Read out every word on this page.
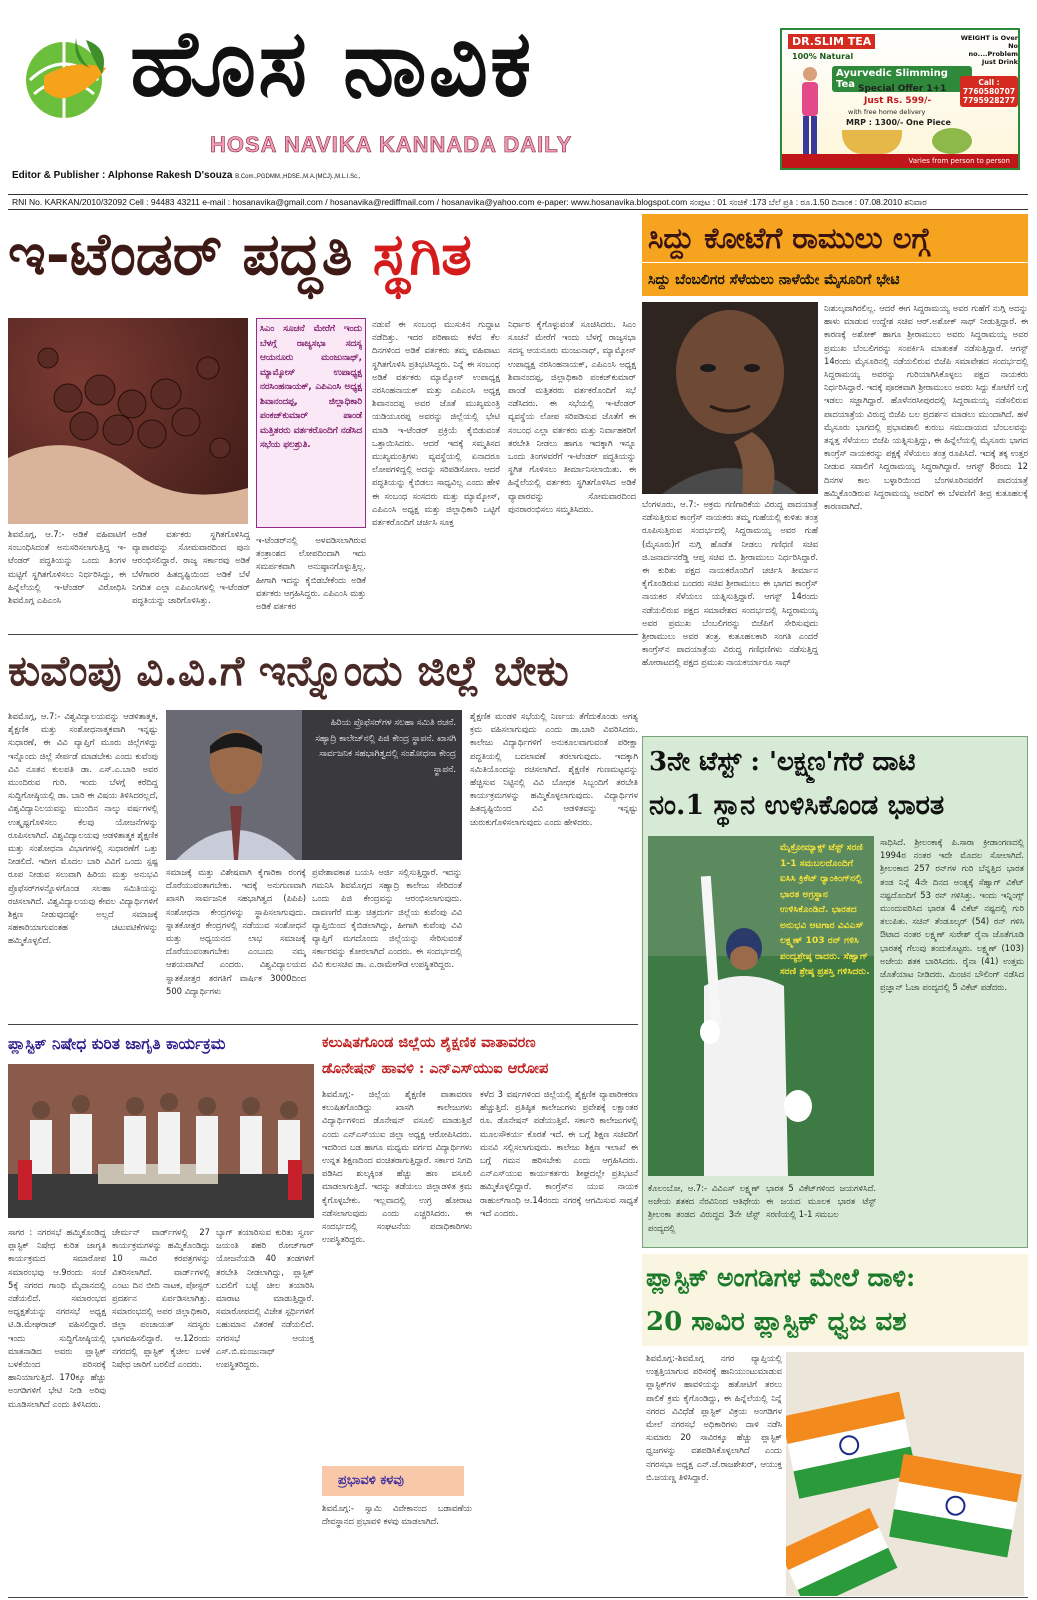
ಹೊಸ ನಾವಿಕ
HOSA NAVIKA KANNADA DAILY
Editor & Publisher : Alphonse Rakesh D'souza B.Com.,PGDMM.,HDSE.,M.A.(MCJ).,M.L.I.Sc.,
RNI No. KARKAN/2010/32092 Cell : 94483 43211 e-mail : hosanavika@gmail.com / hosanavika@rediffmail.com / hosanavika@yahoo.com e-paper: www.hosanavika.blogspot.com ಸಂಪುಟ : 01 ಸಂಚಿಕೆ :173 ಬೆಲೆ ಪ್ರತಿ : ರೂ.1.50 ದಿನಾಂಕ : 07.08.2010 ಶನಿವಾರ
DR.SLIM TEA
100% Natural
WEIGHT is Over No no....Problem Just Drink
Ayurvedic Slimming Tea Special Offer 1+1
Just Rs. 599/-
with free home delivery
MRP : 1300/- One Piece
Call :
7760580707
7795928277
Varies from person to person
ಇ-ಟೆಂಡರ್ ಪದ್ಧತಿ ಸ್ಥಗಿತ
ಸಿಎಂ ಸೂಚನೆ ಮೇರೆಗೆ ಇಂದು ಬೆಳಗ್ಗೆ ರಾಜ್ಯಸಭಾ ಸದಸ್ಯ ಆಯನೂರು ಮಂಜುನಾಥ್, ಮ್ಯಾಮ್ಕೋಸ್ ಉಪಾಧ್ಯಕ್ಷ ನರಸಿಂಹನಾಯಕ್, ಎಪಿಎಂಸಿ ಅಧ್ಯಕ್ಷ ಶಿವಾನಂದಪ್ಪ, ಜಿಲ್ಲಾಧಿಕಾರಿ ಪಂಕಜ್‌ಕುಮಾರ್ ಪಾಂಡೆ ಮತ್ತಿತರರು ವರ್ತಕರೊಂದಿಗೆ ನಡೆಸಿದ ಸಭೆಯ ಫಲಶ್ರುತಿ.
ನಡುವೆ ಈ ಸಂಬಂಧ ಮುಸುಕಿನ ಗುದ್ದಾಟ ನಡೆದಿತ್ತು. ಇದರ ಪರಿಣಾಮ ಕಳೆದ ಕೆಲ ದಿನಗಳಿಂದ ಅಡಿಕೆ ವರ್ತಕರು ತಮ್ಮ ವಹಿವಾಟು ಸ್ಥಗಿತಗೊಳಿಸಿ ಪ್ರತಿಭಟಿಸಿದ್ದರು. ನಿನ್ನೆ ಈ ಸಂಬಂಧ ಅಡಿಕೆ ವರ್ತಕರು ಮ್ಯಾಮ್ಕೋಸ್ ಉಪಾಧ್ಯಕ್ಷ ನರಸಿಂಹನಾಯಕ್ ಮತ್ತು ಎಪಿಎಂಸಿ ಅಧ್ಯಕ್ಷ ಶಿವಾನಂದಪ್ಪ ಅವರ ಜೊತೆ ಮುಖ್ಯಮಂತ್ರಿ ಯಡಿಯೂರಪ್ಪ ಅವರನ್ನು ಜಿಲ್ಲೆಯಲ್ಲಿ ಭೇಟಿ ಮಾಡಿ ಇ-ಟೆಂಡರ್ ಪ್ರಕ್ರಿಯೆ ಕೈಬಿಡುವಂತೆ ಒತ್ತಾಯಿಸಿದರು. ಆದರೆ ಇದಕ್ಕೆ ಸಮ್ಮತಿಸದ ಮುಖ್ಯಮಂತ್ರಿಗಳು ವ್ಯವಸ್ಥೆಯಲ್ಲಿ ಏನಾದರೂ ಲೋಪಗಳಿದ್ದಲ್ಲಿ ಅದನ್ನು ಸರಿಪಡಿಸೋಣ. ಆದರೆ ಪದ್ಧತಿಯನ್ನು ಕೈಬಿಡಲು ಸಾಧ್ಯವಿಲ್ಲ ಎಂದು ಹೇಳಿ ಈ ಸಂಬಂಧ ಸಂಸದರು ಮತ್ತು ಮ್ಯಾಮ್ಕೋಸ್, ಎಪಿಎಂಸಿ ಅಧ್ಯಕ್ಷ ಮತ್ತು ಜಿಲ್ಲಾಧಿಕಾರಿ ಒಟ್ಟಿಗೆ ವರ್ತಕರೊಂದಿಗೆ ಚರ್ಚಿಸಿ ಸೂಕ್ತ
ನಿರ್ಧಾರ ಕೈಗೊಳ್ಳುವಂತೆ ಸೂಚಿಸಿದರು. ಸಿಎಂ ಸೂಚನೆ ಮೇರೆಗೆ ಇಂದು ಬೆಳಗ್ಗೆ ರಾಜ್ಯಸಭಾ ಸದಸ್ಯ ಆಯನೂರು ಮಂಜುನಾಥ್, ಮ್ಯಾಮ್ಕೋಸ್ ಉಪಾಧ್ಯಕ್ಷ ನರಸಿಂಹನಾಯಕ್, ಎಪಿಎಂಸಿ ಅಧ್ಯಕ್ಷ ಶಿವಾನಂದಪ್ಪ, ಜಿಲ್ಲಾಧಿಕಾರಿ ಪಂಕಜ್‌ಕುಮಾರ್ ಪಾಂಡೆ ಮತ್ತಿತರರು ವರ್ತಕರೊಂದಿಗೆ ಸಭೆ ನಡೆಸಿದರು. ಈ ಸಭೆಯಲ್ಲಿ ಇ-ಟೆಂಡರ್ ವ್ಯವಸ್ಥೆಯ ಲೋಪ ಸರಿಪಡಿಸುವ ಜೊತೆಗೆ ಈ ಸಂಬಂಧ ಎಲ್ಲಾ ವರ್ತಕರು ಮತ್ತು ನಿರ್ವಾಹಕರಿಗೆ ತರಬೇತಿ ನೀಡಲು ಹಾಗೂ ಇದಕ್ಕಾಗಿ ಇನ್ನೂ ಒಂದು ತಿಂಗಳವರೆಗೆ ಇ-ಟೆಂಡರ್ ಪದ್ಧತಿಯನ್ನು ಸ್ಥಗಿತ ಗೊಳಿಸಲು ತೀರ್ಮಾನಿಸಲಾಯಿತು. ಈ ಹಿನ್ನೆಲೆಯಲ್ಲಿ ವರ್ತಕರು ಸ್ಥಗಿತಗೊಳಿಸಿದ ಅಡಿಕೆ ವ್ಯಾಪಾರವನ್ನು ಸೋಮವಾರದಿಂದ ಪುನರಾರಂಭಿಸಲು ಸಮ್ಮತಿಸಿದರು.
ಶಿವಮೊಗ್ಗ, ಆ.7:- ಅಡಿಕೆ ವಹಿವಾಟಿಗೆ ಸಂಬಂಧಿಸಿದಂತೆ ಅನುಸರಿಸಲಾಗುತ್ತಿದ್ದ ಇ-ಟೆಂಡರ್ ಪದ್ಧತಿಯನ್ನು ಒಂದು ತಿಂಗಳ ಮಟ್ಟಿಗೆ ಸ್ಥಗಿತಗೊಳಿಸಲು ನಿರ್ಧರಿಸಿದ್ದು, ಈ ಹಿನ್ನೆಲೆಯಲ್ಲಿ ಇ-ಟೆಂಡರ್ ವಿರೋಧಿಸಿ ಶಿವಮೊಗ್ಗ ಎಪಿಎಂಸಿ
ಅಡಿಕೆ ವರ್ತಕರು ಸ್ಥಗಿತಗೊಳಿಸಿದ್ದ ವ್ಯಾಪಾರವನ್ನು ಸೋಮವಾರದಿಂದ ಪುನಃ ಆರಂಭಿಸಲಿದ್ದಾರೆ. ರಾಜ್ಯ ಸರ್ಕಾರವು ಅಡಿಕೆ ಬೆಳೆಗಾರರ ಹಿತದೃಷ್ಟಿಯಿಂದ ಅಡಿಕೆ ಬೆಳೆ ನಿಗದಿತ ಎಲ್ಲಾ ಎಪಿಎಂಸಿಗಳಲ್ಲಿ ಇ-ಟೆಂಡರ್ ಪದ್ಧತಿಯನ್ನು ಜಾರಿಗೊಳಿಸಿತ್ತು.
ಇ-ಟೆಂಡರ್‌ನಲ್ಲಿ ಅಳವಡಿಸಲಾಗಿರುವ ತಂತ್ರಾಂಶದ ಲೋಪದಿಂದಾಗಿ ಇದು ಸಮರ್ಪಕವಾಗಿ ಅನುಷ್ಠಾನಗೊಳ್ಳುತ್ತಿಲ್ಲ. ಹೀಗಾಗಿ ಇದನ್ನು ಕೈಬಿಡಬೇಕೆಂದು ಅಡಿಕೆ ವರ್ತಕರು ಆಗ್ರಹಿಸಿದ್ದರು. ಎಪಿಎಂಸಿ ಮತ್ತು ಅಡಿಕೆ ವರ್ತಕರ
ಸಿದ್ದು ಕೋಟೆಗೆ ರಾಮುಲು ಲಗ್ಗೆ
ಸಿದ್ದು ಬೆಂಬಲಿಗರ ಸೆಳೆಯಲು ನಾಳೆಯೇ ಮೈಸೂರಿಗೆ ಭೇಟಿ
ನಿಃಶುಲ್ಕವಾಗಿರಲಿಲ್ಲ. ಆದರೆ ಈಗ ಸಿದ್ದರಾಮಯ್ಯ ಅವರ ಗುಹೆಗೆ ನುಗ್ಗಿ ಅದನ್ನು ಹಾಳು ಮಾಡುವ ಉದ್ದೇಶ ಸಚಿವ ಆರ್.ಅಶೋಕ್ ಸಾಥ್ ನೀಡುತ್ತಿದ್ದಾರೆ. ಈ ಕಾರಣಕ್ಕೆ ಅಶೋಕ್ ಹಾಗೂ ಶ್ರೀರಾಮುಲು ಅವರು ಸಿದ್ದರಾಮಯ್ಯ ಅವರ ಪ್ರಮುಖ ಬೆಂಬಲಿಗರನ್ನು ಸಂಪರ್ಕಿಸಿ ಮಾತುಕತೆ ನಡೆಸುತ್ತಿದ್ದಾರೆ. ಆಗಸ್ಟ್ 14ರಂದು ಮೈಸೂರಿನಲ್ಲಿ ನಡೆಯಲಿರುವ ಬಿಜೆಪಿ ಸಮಾವೇಶದ ಸಂದರ್ಭದಲ್ಲಿ ಸಿದ್ದರಾಮಯ್ಯ ಅವರನ್ನು ಗುರಿಯಾಗಿಸಿಕೊಳ್ಳಲು ಪಕ್ಷದ ನಾಯಕರು ನಿರ್ಧರಿಸಿದ್ದಾರೆ. ಇದಕ್ಕೆ ಪೂರಕವಾಗಿ ಶ್ರೀರಾಮುಲು ಅವರು ಸಿದ್ದು ಕೋಟೆಗೆ ಲಗ್ಗೆ ಇಡಲು ಸಜ್ಜಾಗಿದ್ದಾರೆ. ಹೊಳೆನರಸೀಪುರದಲ್ಲಿ ಸಿದ್ದರಾಮಯ್ಯ ನಡೆಸಲಿರುವ ಪಾದಯಾತ್ರೆಯ ವಿರುದ್ಧ ಬಿಜೆಪಿ ಬಲ ಪ್ರದರ್ಶನ ಮಾಡಲು ಮುಂದಾಗಿದೆ. ಹಳೆ ಮೈಸೂರು ಭಾಗದಲ್ಲಿ ಪ್ರಭಾವಶಾಲಿ ಕುರುಬ ಸಮುದಾಯದ ಬೆಂಬಲವನ್ನು ತನ್ನತ್ತ ಸೆಳೆಯಲು ಬಿಜೆಪಿ ಯತ್ನಿಸುತ್ತಿದ್ದು, ಈ ಹಿನ್ನೆಲೆಯಲ್ಲಿ ಮೈಸೂರು ಭಾಗದ ಕಾಂಗ್ರೆಸ್ ನಾಯಕರನ್ನು ಪಕ್ಷಕ್ಕೆ ಸೆಳೆಯಲು ತಂತ್ರ ರೂಪಿಸಿದೆ. ಇದಕ್ಕೆ ತಕ್ಕ ಉತ್ತರ ನೀಡುವ ಸವಾಲಿಗೆ ಸಿದ್ದರಾಮಯ್ಯ ಸಿದ್ಧರಾಗಿದ್ದಾರೆ. ಆಗಸ್ಟ್ 8ರಂದು 12 ದಿನಗಳ ಕಾಲ ಬಳ್ಳಾರಿಯಿಂದ ಬೆಂಗಳೂರಿನವರೆಗೆ ಪಾದಯಾತ್ರೆ ಹಮ್ಮಿಕೊಂಡಿರುವ ಸಿದ್ದರಾಮಯ್ಯ ಅವರಿಗೆ ಈ ಬೆಳವಣಿಗೆ ತೀವ್ರ ಕುತೂಹಲಕ್ಕೆ ಕಾರಣವಾಗಿದೆ.
ಬೆಂಗಳೂರು, ಆ.7:- ಅಕ್ರಮ ಗಣಿಗಾರಿಕೆಯ ವಿರುದ್ಧ ಪಾದಯಾತ್ರೆ ನಡೆಸುತ್ತಿರುವ ಕಾಂಗ್ರೆಸ್ ನಾಯಕರು ತಮ್ಮ ಗುಹೆಯಲ್ಲಿ ಕುಳಿತು ತಂತ್ರ ರೂಪಿಸುತ್ತಿರುವ ಸಂದರ್ಭದಲ್ಲಿ ಸಿದ್ದರಾಮಯ್ಯ ಅವರ ಗುಹೆ (ಮೈಸೂರು)ಗೆ ನುಗ್ಗಿ ಹೊಡೆತ ನೀಡಲು ಗಣಿಧಣಿ ಸಚಿವ ಜಿ.ಜನಾರ್ದನರೆಡ್ಡಿ ಆಪ್ತ ಸಚಿವ ಬಿ. ಶ್ರೀರಾಮುಲು ನಿರ್ಧರಿಸಿದ್ದಾರೆ. ಈ ಕುರಿತು ಪಕ್ಷದ ನಾಯಕರೊಂದಿಗೆ ಚರ್ಚಿಸಿ ತೀರ್ಮಾನ ಕೈಗೊಂಡಿರುವ ಬಂದರು ಸಚಿವ ಶ್ರೀರಾಮುಲು ಈ ಭಾಗದ ಕಾಂಗ್ರೆಸ್ ನಾಯಕರ ಸೆಳೆಯಲು ಯತ್ನಿಸುತ್ತಿದ್ದಾರೆ. ಆಗಸ್ಟ್ 14ರಂದು ನಡೆಯಲಿರುವ ಪಕ್ಷದ ಸಮಾವೇಶದ ಸಂದರ್ಭದಲ್ಲಿ ಸಿದ್ದರಾಮಯ್ಯ ಅವರ ಪ್ರಮುಖ ಬೆಂಬಲಿಗರನ್ನು ಬಿಜೆಪಿಗೆ ಸೇರಿಸುವುದು ಶ್ರೀರಾಮುಲು ಅವರ ತಂತ್ರ. ಕುತೂಹಲಕಾರಿ ಸಂಗತಿ ಎಂದರೆ ಕಾಂಗ್ರೆಸ್‌ನ ಪಾದಯಾತ್ರೆಯ ವಿರುದ್ಧ ಗಣಿಧಣಿಗಳು ನಡೆಸುತ್ತಿದ್ದ ಹೋರಾಟದಲ್ಲಿ ಪಕ್ಷದ ಪ್ರಮುಖ ನಾಯಕರ್ಯಾರೂ ಸಾಥ್
ಕುವೆಂಪು ವಿ.ವಿ.ಗೆ ಇನ್ನೊಂದು ಜಿಲ್ಲೆ ಬೇಕು
ಶಿವಮೊಗ್ಗ, ಆ.7:- ವಿಶ್ವವಿದ್ಯಾಲಯವನ್ನು ಆಡಳಿತಾತ್ಮಕ, ಶೈಕ್ಷಣಿಕ ಮತ್ತು ಸಂಶೋಧನಾತ್ಮಕವಾಗಿ ಇನ್ನಷ್ಟು ಸುಧಾರಣೆ, ಈ ವಿವಿ ವ್ಯಾಪ್ತಿಗೆ ಮೂರು ಜಿಲ್ಲೆಗಳಿದ್ದು ಇನ್ನೊಂದು ಜಿಲ್ಲೆ ಸೇರ್ಪಡೆ ಮಾಡಬೇಕು ಎಂದು ಕುವೆಂಪು ವಿವಿ ನೂತನ ಕುಲಪತಿ ಡಾ. ಎಸ್.ಎ.ಬಾರಿ ಅವರ ಮುಂದಿರುವ ಗುರಿ. ಇಂದು ಬೆಳಗ್ಗೆ ಕರೆದಿದ್ದ ಸುದ್ದಿಗೋಷ್ಠಿಯಲ್ಲಿ ಡಾ. ಬಾರಿ ಈ ವಿಷಯ ತಿಳಿಸಿದರಲ್ಲದೆ, ವಿಶ್ವವಿದ್ಯಾನಿಲಯವನ್ನು ಮುಂದಿನ ನಾಲ್ಕು ವರ್ಷಗಳಲ್ಲಿ ಉತ್ಕೃಷ್ಟಗೊಳಿಸಲು ಕೆಲವು ಯೋಜನೆಗಳನ್ನು ರೂಪಿಸಲಾಗಿದೆ. ವಿಶ್ವವಿದ್ಯಾಲಯವು ಆಡಳಿತಾತ್ಮಕ ಶೈಕ್ಷಣಿಕ ಮತ್ತು ಸಂಶೋಧನಾ ವಿಭಾಗಗಳಲ್ಲಿ ಸುಧಾರಣೆಗೆ ಒತ್ತು ನೀಡಲಿದೆ. ಇದೀಗ ಮೊದಲ ಬಾರಿ ವಿವಿಗೆ ಒಂದು ಸ್ಪಷ್ಟ ರೂಪ ನೀಡುವ ಸಲುವಾಗಿ ಹಿರಿಯ ಮತ್ತು ಅನುಭವಿ ಪ್ರೊಫೆಸರ್‌ಗಳನ್ನೊಳಗೊಂಡ ಸಲಹಾ ಸಮಿತಿಯನ್ನು ರಚಿಸಲಾಗಿದೆ. ವಿಶ್ವವಿದ್ಯಾಲಯವು ಕೇವಲ ವಿದ್ಯಾರ್ಥಿಗಳಿಗೆ ಶಿಕ್ಷಣ ನೀಡುವುದಷ್ಟೇ ಅಲ್ಲದೆ ಸಮಾಜಕ್ಕೆ ಸಹಕಾರಿಯಾಗುವಂತಹ ಚಟುವಟಿಕೆಗಳನ್ನು ಹಮ್ಮಿಕೊಳ್ಳಲಿದೆ.
ಹಿರಿಯ ಪ್ರೊಫೆಸರ್‌ಗಳ ಸಲಹಾ ಸಮಿತಿ ರಚನೆ. ಸಹ್ಯಾದ್ರಿ ಕಾಲೇಜ್‌ನಲ್ಲಿ ಪಿಜಿ ಕೇಂದ್ರ ಸ್ಥಾಪನೆ. ಖಾಸಗಿ ಸಾರ್ವಜನಿಕ ಸಹಭಾಗಿತ್ವದಲ್ಲಿ ಸಂಶೋಧನಾ ಕೇಂದ್ರ ಸ್ಥಾಪನೆ.
ಸಮಾಜಕ್ಕೆ ಮತ್ತು ವಿಶೇಷವಾಗಿ ಕೈಗಾರಿಕಾ ರಂಗಕ್ಕೆ ದೊರೆಯುವಂತಾಗಬೇಕು. ಇದಕ್ಕೆ ಅನುಗುಣವಾಗಿ ಖಾಸಗಿ ಸಾರ್ವಜನಿಕ ಸಹಭಾಗಿತ್ವದ (ಪಿಪಿಪಿ) ಸಂಶೋಧನಾ ಕೇಂದ್ರಗಳನ್ನು ಸ್ಥಾಪಿಸಲಾಗುವುದು. ಸ್ನಾತಕೋತ್ತರ ಕೇಂದ್ರಗಳಲ್ಲಿ ನಡೆಯುವ ಸಂಶೋಧನೆ ಮತ್ತು ಅಧ್ಯಯನದ ಲಾಭ ಸಮಾಜಕ್ಕೆ ದೊರೆಯುವಂತಾಗಬೇಕು ಎಂಬುದು ನಮ್ಮ ಆಶಯವಾಗಿದೆ ಎಂದರು. ವಿಶ್ವವಿದ್ಯಾಲಯದ ಸ್ನಾತಕೋತ್ತರ ತರಗತಿಗೆ ವಾರ್ಷಿಕ 3000ದಿಂದ 500 ವಿದ್ಯಾರ್ಥಿಗಳು
ಪ್ರವೇಶಾವಕಾಶ ಬಯಸಿ ಅರ್ಜಿ ಸಲ್ಲಿಸುತ್ತಿದ್ದಾರೆ. ಇದನ್ನು ಗಮನಿಸಿ ಶಿವಮೊಗ್ಗದ ಸಹ್ಯಾದ್ರಿ ಕಾಲೇಜು ಸೇರಿದಂತೆ ಒಂದು ಪಿಜಿ ಕೇಂದ್ರವನ್ನು ಆರಂಭಿಸಲಾಗುವುದು. ದಾವಣಗೆರೆ ಮತ್ತು ಚಿತ್ರದುರ್ಗ ಜಿಲ್ಲೆಯ ಕುವೆಂಪು ವಿವಿ ವ್ಯಾಪ್ತಿಯಿಂದ ಕೈಬಿಡಲಾಗಿದ್ದು, ಹೀಗಾಗಿ ಕುವೆಂಪು ವಿವಿ ವ್ಯಾಪ್ತಿಗೆ ಮಗದೊಂದು ಜಿಲ್ಲೆಯನ್ನು ಸೇರಿಸುವಂತೆ ಸರ್ಕಾರವನ್ನು ಕೋರಲಾಗಿದೆ ಎಂದರು. ಈ ಸಂದರ್ಭದಲ್ಲಿ ವಿವಿ ಕುಲಸಚಿವ ಡಾ. ಎ.ರಾಮೇಗೌಡ ಉಪಸ್ಥಿತರಿದ್ದರು.
ಶೈಕ್ಷಣಿಕ ಮಂಡಳಿ ಸಭೆಯಲ್ಲಿ ನಿರ್ಣಯ ತೆಗೆದುಕೊಂಡು ಅಗತ್ಯ ಕ್ರಮ ವಹಿಸಲಾಗುವುದು ಎಂದು ಡಾ.ಬಾರಿ ವಿವರಿಸಿದರು. ಕಾಲೇಜು ವಿದ್ಯಾರ್ಥಿಗಳಿಗೆ ಅನುಕೂಲವಾಗುವಂತೆ ಪರೀಕ್ಷಾ ಪದ್ಧತಿಯಲ್ಲಿ ಬದಲಾವಣೆ ತರಲಾಗುವುದು. ಇದಕ್ಕಾಗಿ ಸಮಿತಿಯೊಂದನ್ನು ರಚಿಸಲಾಗಿದೆ. ಶೈಕ್ಷಣಿಕ ಗುಣಮಟ್ಟವನ್ನು ಹೆಚ್ಚಿಸುವ ನಿಟ್ಟಿನಲ್ಲಿ ವಿವಿ ಬೋಧಕ ಸಿಬ್ಬಂದಿಗೆ ತರಬೇತಿ ಕಾರ್ಯಕ್ರಮಗಳನ್ನು ಹಮ್ಮಿಕೊಳ್ಳಲಾಗುವುದು. ವಿದ್ಯಾರ್ಥಿಗಳ ಹಿತದೃಷ್ಟಿಯಿಂದ ವಿವಿ ಆಡಳಿತವನ್ನು ಇನ್ನಷ್ಟು ಚುರುಕುಗೊಳಿಸಲಾಗುವುದು ಎಂದು ಹೇಳಿದರು.
3ನೇ ಟೆಸ್ಟ್ : 'ಲಕ್ಷ್ಮಣ'ಗೆರೆ ದಾಟಿ
ನಂ.1 ಸ್ಥಾನ ಉಳಿಸಿಕೊಂಡ ಭಾರತ
ಮೈಕ್ರೋಮ್ಯಾಕ್ಸ್ ಟೆಸ್ಟ್ ಸರಣಿ 1-1 ಸಮಬಲದೊಂದಿಗೆ ಐಸಿಸಿ ಕ್ರಿಕೆಟ್ ರ್‍ಯಾಂಕಿಂಗ್‌ನಲ್ಲಿ ಭಾರತ ಅಗ್ರಸ್ಥಾನ ಉಳಿಸಿಕೊಂಡಿದೆ. ಭಾರತದ ಅನುಭವಿ ಆಟಗಾರ ವಿವಿಎಸ್ ಲಕ್ಷ್ಮಣ್ 103 ರನ್ ಗಳಿಸಿ ಪಂದ್ಯಶ್ರೇಷ್ಠ ರಾದರು. ಸೆಹ್ವಾಗ್ ಸರಣಿ ಶ್ರೇಷ್ಠ ಪ್ರಶಸ್ತಿ ಗಳಿಸಿದರು.
ಸಾಧಿಸಿದೆ. ಶ್ರೀಲಂಕಾಕ್ಕೆ ಪಿ.ಸಾರಾ ಕ್ರೀಡಾಂಗಣದಲ್ಲಿ 1994ರ ನಂತರ ಇದೇ ಮೊದಲ ಸೋಲಾಗಿದೆ. ಶ್ರೀಲಂಕಾದ 257 ರನ್‌ಗಳ ಗುರಿ ಬೆನ್ನತ್ತಿದ ಭಾರತ ತಂಡ ನಿನ್ನೆ 4ನೇ ದಿನದ ಅಂತ್ಯಕ್ಕೆ ಸೆಹ್ವಾಗ್ ವಿಕೆಟ್ ನಷ್ಟದೊಂದಿಗೆ 53 ರನ್ ಗಳಿಸಿತ್ತು. ಇಂದು ಇನ್ನಿಂಗ್ಸ್ ಮುಂದುವರಿಸಿದ ಭಾರತ 4 ವಿಕೆಟ್ ನಷ್ಟದಲ್ಲಿ ಗುರಿ ತಲುಪಿತು. ಸಚಿನ್ ತೆಂಡೂಲ್ಕರ್ (54) ರನ್ ಗಳಿಸಿ ಔಟಾದ ನಂತರ ಲಕ್ಷ್ಮಣ್ ಸುರೇಶ್ ರೈನಾ ಜೊತೆಗೂಡಿ ಭಾರತಕ್ಕೆ ಗೆಲುವು ತಂದುಕೊಟ್ಟರು. ಲಕ್ಷ್ಮಣ್ (103) ಅಜೇಯ ಶತಕ ಬಾರಿಸಿದರು. ರೈನಾ (41) ಉತ್ತಮ ಜೊತೆಯಾಟ ನೀಡಿದರು. ಮಿಂಚಿನ ಬೌಲಿಂಗ್ ನಡೆಸಿದ ಪ್ರಜ್ಞಾನ್ ಓಜಾ ಪಂದ್ಯದಲ್ಲಿ 5 ವಿಕೆಟ್ ಪಡೆದರು.
ಕೊಲಂಬೋ, ಆ.7:- ವಿವಿಎಸ್ ಲಕ್ಷ್ಮಣ್ ಅಜೇಯ ಶತಕದ ನೆರವಿನಿಂದ ಆತಿಥೇಯ ಶ್ರೀಲಂಕಾ ತಂಡದ ವಿರುದ್ಧದ 3ನೇ ಟೆಸ್ಟ್ ಪಂದ್ಯದಲ್ಲಿ
ಭಾರತ 5 ವಿಕೆಟ್‌ಗಳಿಂದ ಜಯಗಳಿಸಿದೆ. ಈ ಜಯದ ಮೂಲಕ ಭಾರತ ಟೆಸ್ಟ್ ಸರಣಿಯಲ್ಲಿ 1-1 ಸಮಬಲ
ಪ್ಲಾಸ್ಟಿಕ್ ನಿಷೇಧ ಕುರಿತ ಜಾಗೃತಿ ಕಾರ್ಯಕ್ರಮ
ಸಾಗರ : ನಗರಸಭೆ ಹಮ್ಮಿಕೊಂಡಿದ್ದ ಪ್ಲಾಸ್ಟಿಕ್ ನಿಷೇಧ ಕುರಿತ ಜಾಗೃತಿ ಕಾರ್ಯಕ್ರಮದ ಸಮಾರೋಪ ಸಮಾರಂಭವು ಆ.9ರಂದು ಸಂಜೆ 5ಕ್ಕೆ ನಗರದ ಗಾಂಧಿ ಮೈದಾನದಲ್ಲಿ ನಡೆಯಲಿದೆ. ಸಮಾರಂಭದ ಅಧ್ಯಕ್ಷತೆಯನ್ನು ನಗರಸಭೆ ಅಧ್ಯಕ್ಷ ಟಿ.ಡಿ.ಮೇಘರಾಜ್ ವಹಿಸಲಿದ್ದಾರೆ. ಇಂದು ಸುದ್ದಿಗೋಷ್ಠಿಯಲ್ಲಿ ಮಾತನಾಡಿದ ಅವರು ಪ್ಲಾಸ್ಟಿಕ್ ಬಳಕೆಯಿಂದ ಪರಿಸರಕ್ಕೆ ಹಾನಿಯಾಗುತ್ತಿದೆ. 170ಕ್ಕೂ ಹೆಚ್ಚು ಅಂಗಡಿಗಳಿಗೆ ಭೇಟಿ ನೀಡಿ ಅರಿವು ಮೂಡಿಸಲಾಗಿದೆ ಎಂದು ತಿಳಿಸಿದರು.
ಚೇರ್ಮನ್ ವಾರ್ಡ್‌ಗಳಲ್ಲಿ 27 ಕಾರ್ಯಕ್ರಮಗಳನ್ನು ಹಮ್ಮಿಕೊಂಡಿದ್ದು 10 ಸಾವಿರ ಕರಪತ್ರಗಳನ್ನು ವಿತರಿಸಲಾಗಿದೆ. ವಾರ್ಡ್‌ಗಳಲ್ಲಿ ಎಂಟು ದಿನ ಬೀದಿ ನಾಟಕ, ಪೋಸ್ಟರ್ ಪ್ರದರ್ಶನ ಏರ್ಪಡಿಸಲಾಗಿತ್ತು. ಸಮಾರಂಭದಲ್ಲಿ ಅಪರ ಜಿಲ್ಲಾಧಿಕಾರಿ, ಜಿಲ್ಲಾ ಪಂಚಾಯತ್ ಸದಸ್ಯರು ಭಾಗವಹಿಸಲಿದ್ದಾರೆ. ಆ.12ರಂದು ನಗರದಲ್ಲಿ ಪ್ಲಾಸ್ಟಿಕ್ ಕೈಚೀಲ ಬಳಕೆ ನಿಷೇಧ ಜಾರಿಗೆ ಬರಲಿದೆ ಎಂದರು.
ಬ್ಯಾಗ್ ತಯಾರಿಸುವ ಕುರಿತು ಸ್ವರ್ಣ ಜಯಂತಿ ಶಹರಿ ರೋಜ್‌ಗಾರ್ ಯೋಜನೆಯಡಿ 40 ತಂಡಗಳಿಗೆ ತರಬೇತಿ ನೀಡಲಾಗಿದ್ದು, ಪ್ಲಾಸ್ಟಿಕ್ ಬದಲಿಗೆ ಬಟ್ಟೆ ಚೀಲ ತಯಾರಿಸಿ ಮಾರಾಟ ಮಾಡುತ್ತಿದ್ದಾರೆ. ಸಮಾರೋಪದಲ್ಲಿ ವಿಜೇತ ಸ್ಪರ್ಧಿಗಳಿಗೆ ಬಹುಮಾನ ವಿತರಣೆ ನಡೆಯಲಿದೆ. ನಗರಸಭೆ ಆಯುಕ್ತ ಎಸ್.ಬಿ.ಮಂಜುನಾಥ್ ಉಪಸ್ಥಿತರಿದ್ದರು.
ಕಲುಷಿತಗೊಂಡ ಜಿಲ್ಲೆಯ ಶೈಕ್ಷಣಿಕ ವಾತಾವರಣ
ಡೊನೇಷನ್ ಹಾವಳಿ : ಎನ್‌ಎಸ್‌ಯುಐ ಆರೋಪ
ಶಿವಮೊಗ್ಗ:- ಜಿಲ್ಲೆಯ ಶೈಕ್ಷಣಿಕ ವಾತಾವರಣ ಕಲುಷಿತಗೊಂಡಿದ್ದು ಖಾಸಗಿ ಕಾಲೇಜುಗಳು ವಿದ್ಯಾರ್ಥಿಗಳಿಂದ ಡೊನೇಷನ್ ವಸೂಲಿ ಮಾಡುತ್ತಿವೆ ಎಂದು ಎನ್‌ಎಸ್‌ಯುಐ ಜಿಲ್ಲಾ ಅಧ್ಯಕ್ಷ ಆರೋಪಿಸಿದರು. ಇದರಿಂದ ಬಡ ಹಾಗೂ ಮಧ್ಯಮ ವರ್ಗದ ವಿದ್ಯಾರ್ಥಿಗಳು ಉನ್ನತ ಶಿಕ್ಷಣದಿಂದ ವಂಚಿತರಾಗುತ್ತಿದ್ದಾರೆ. ಸರ್ಕಾರ ನಿಗದಿ ಪಡಿಸಿದ ಶುಲ್ಕಕ್ಕಿಂತ ಹೆಚ್ಚು ಹಣ ವಸೂಲಿ ಮಾಡಲಾಗುತ್ತಿದೆ. ಇದನ್ನು ತಡೆಯಲು ಜಿಲ್ಲಾಡಳಿತ ಕ್ರಮ ಕೈಗೊಳ್ಳಬೇಕು. ಇಲ್ಲವಾದಲ್ಲಿ ಉಗ್ರ ಹೋರಾಟ ನಡೆಸಲಾಗುವುದು ಎಂದು ಎಚ್ಚರಿಸಿದರು. ಈ ಸಂದರ್ಭದಲ್ಲಿ ಸಂಘಟನೆಯ ಪದಾಧಿಕಾರಿಗಳು ಉಪಸ್ಥಿತರಿದ್ದರು.
ಕಳೆದ 3 ವರ್ಷಗಳಿಂದ ಜಿಲ್ಲೆಯಲ್ಲಿ ಶೈಕ್ಷಣಿಕ ವ್ಯಾಪಾರೀಕರಣ ಹೆಚ್ಚುತ್ತಿದೆ. ಪ್ರತಿಷ್ಠಿತ ಕಾಲೇಜುಗಳು ಪ್ರವೇಶಕ್ಕೆ ಲಕ್ಷಾಂತರ ರೂ. ಡೊನೇಷನ್ ಪಡೆಯುತ್ತಿವೆ. ಸರ್ಕಾರಿ ಕಾಲೇಜುಗಳಲ್ಲಿ ಮೂಲಸೌಕರ್ಯ ಕೊರತೆ ಇದೆ. ಈ ಬಗ್ಗೆ ಶಿಕ್ಷಣ ಸಚಿವರಿಗೆ ಮನವಿ ಸಲ್ಲಿಸಲಾಗುವುದು. ಕಾಲೇಜು ಶಿಕ್ಷಣ ಇಲಾಖೆ ಈ ಬಗ್ಗೆ ಗಮನ ಹರಿಸಬೇಕು ಎಂದು ಆಗ್ರಹಿಸಿದರು. ಎನ್‌ಎಸ್‌ಯುಐ ಕಾರ್ಯಕರ್ತರು ಶೀಘ್ರದಲ್ಲೇ ಪ್ರತಿಭಟನೆ ಹಮ್ಮಿಕೊಳ್ಳಲಿದ್ದಾರೆ. ಕಾಂಗ್ರೆಸ್‌ನ ಯುವ ನಾಯಕ ರಾಹುಲ್‌ಗಾಂಧಿ ಆ.14ರಂದು ನಗರಕ್ಕೆ ಆಗಮಿಸುವ ಸಾಧ್ಯತೆ ಇದೆ ಎಂದರು.
ಪ್ರಭಾವಳಿ ಕಳವು
ಶಿವಮೊಗ್ಗ:- ಸ್ವಾಮಿ ವಿವೇಕಾನಂದ ಬಡಾವಣೆಯ ದೇವಸ್ಥಾನದ ಪ್ರಭಾವಳಿ ಕಳವು ಮಾಡಲಾಗಿದೆ.
ಪ್ಲಾಸ್ಟಿಕ್ ಅಂಗಡಿಗಳ ಮೇಲೆ ದಾಳಿ:
20 ಸಾವಿರ ಪ್ಲಾಸ್ಟಿಕ್ ಧ್ವಜ ವಶ
ಶಿವಮೊಗ್ಗ:-ಶಿವಮೊಗ್ಗ ನಗರ ವ್ಯಾಪ್ತಿಯಲ್ಲಿ ಉತ್ಪತ್ತಿಯಾಗುವ ಪರಿಸರಕ್ಕೆ ಹಾನಿಯುಂಟುಮಾಡುವ ಪ್ಲಾಸ್ಟಿಕ್‌ಗಳ ಹಾವಳಿಯನ್ನು ಹತೋಟಿಗೆ ತರಲು ಪಾಲಿಕೆ ಕ್ರಮ ಕೈಗೊಂಡಿದ್ದು, ಈ ಹಿನ್ನೆಲೆಯಲ್ಲಿ ನಿನ್ನೆ ನಗರದ ವಿವಿಧೆಡೆ ಪ್ಲಾಸ್ಟಿಕ್ ವಿಕ್ರಯ ಅಂಗಡಿಗಳ ಮೇಲೆ ನಗರಸಭೆ ಅಧಿಕಾರಿಗಳು ದಾಳಿ ನಡೆಸಿ ಸುಮಾರು 20 ಸಾವಿರಕ್ಕೂ ಹೆಚ್ಚು ಪ್ಲಾಸ್ಟಿಕ್ ಧ್ವಜಗಳನ್ನು ವಶಪಡಿಸಿಕೊಳ್ಳಲಾಗಿದೆ ಎಂದು ನಗರಸಭಾ ಅಧ್ಯಕ್ಷ ಎನ್.ಜೆ.ರಾಜಶೇಖರ್, ಆಯುಕ್ತ ಬಿ.ಜಯಣ್ಣ ತಿಳಿಸಿದ್ದಾರೆ.
